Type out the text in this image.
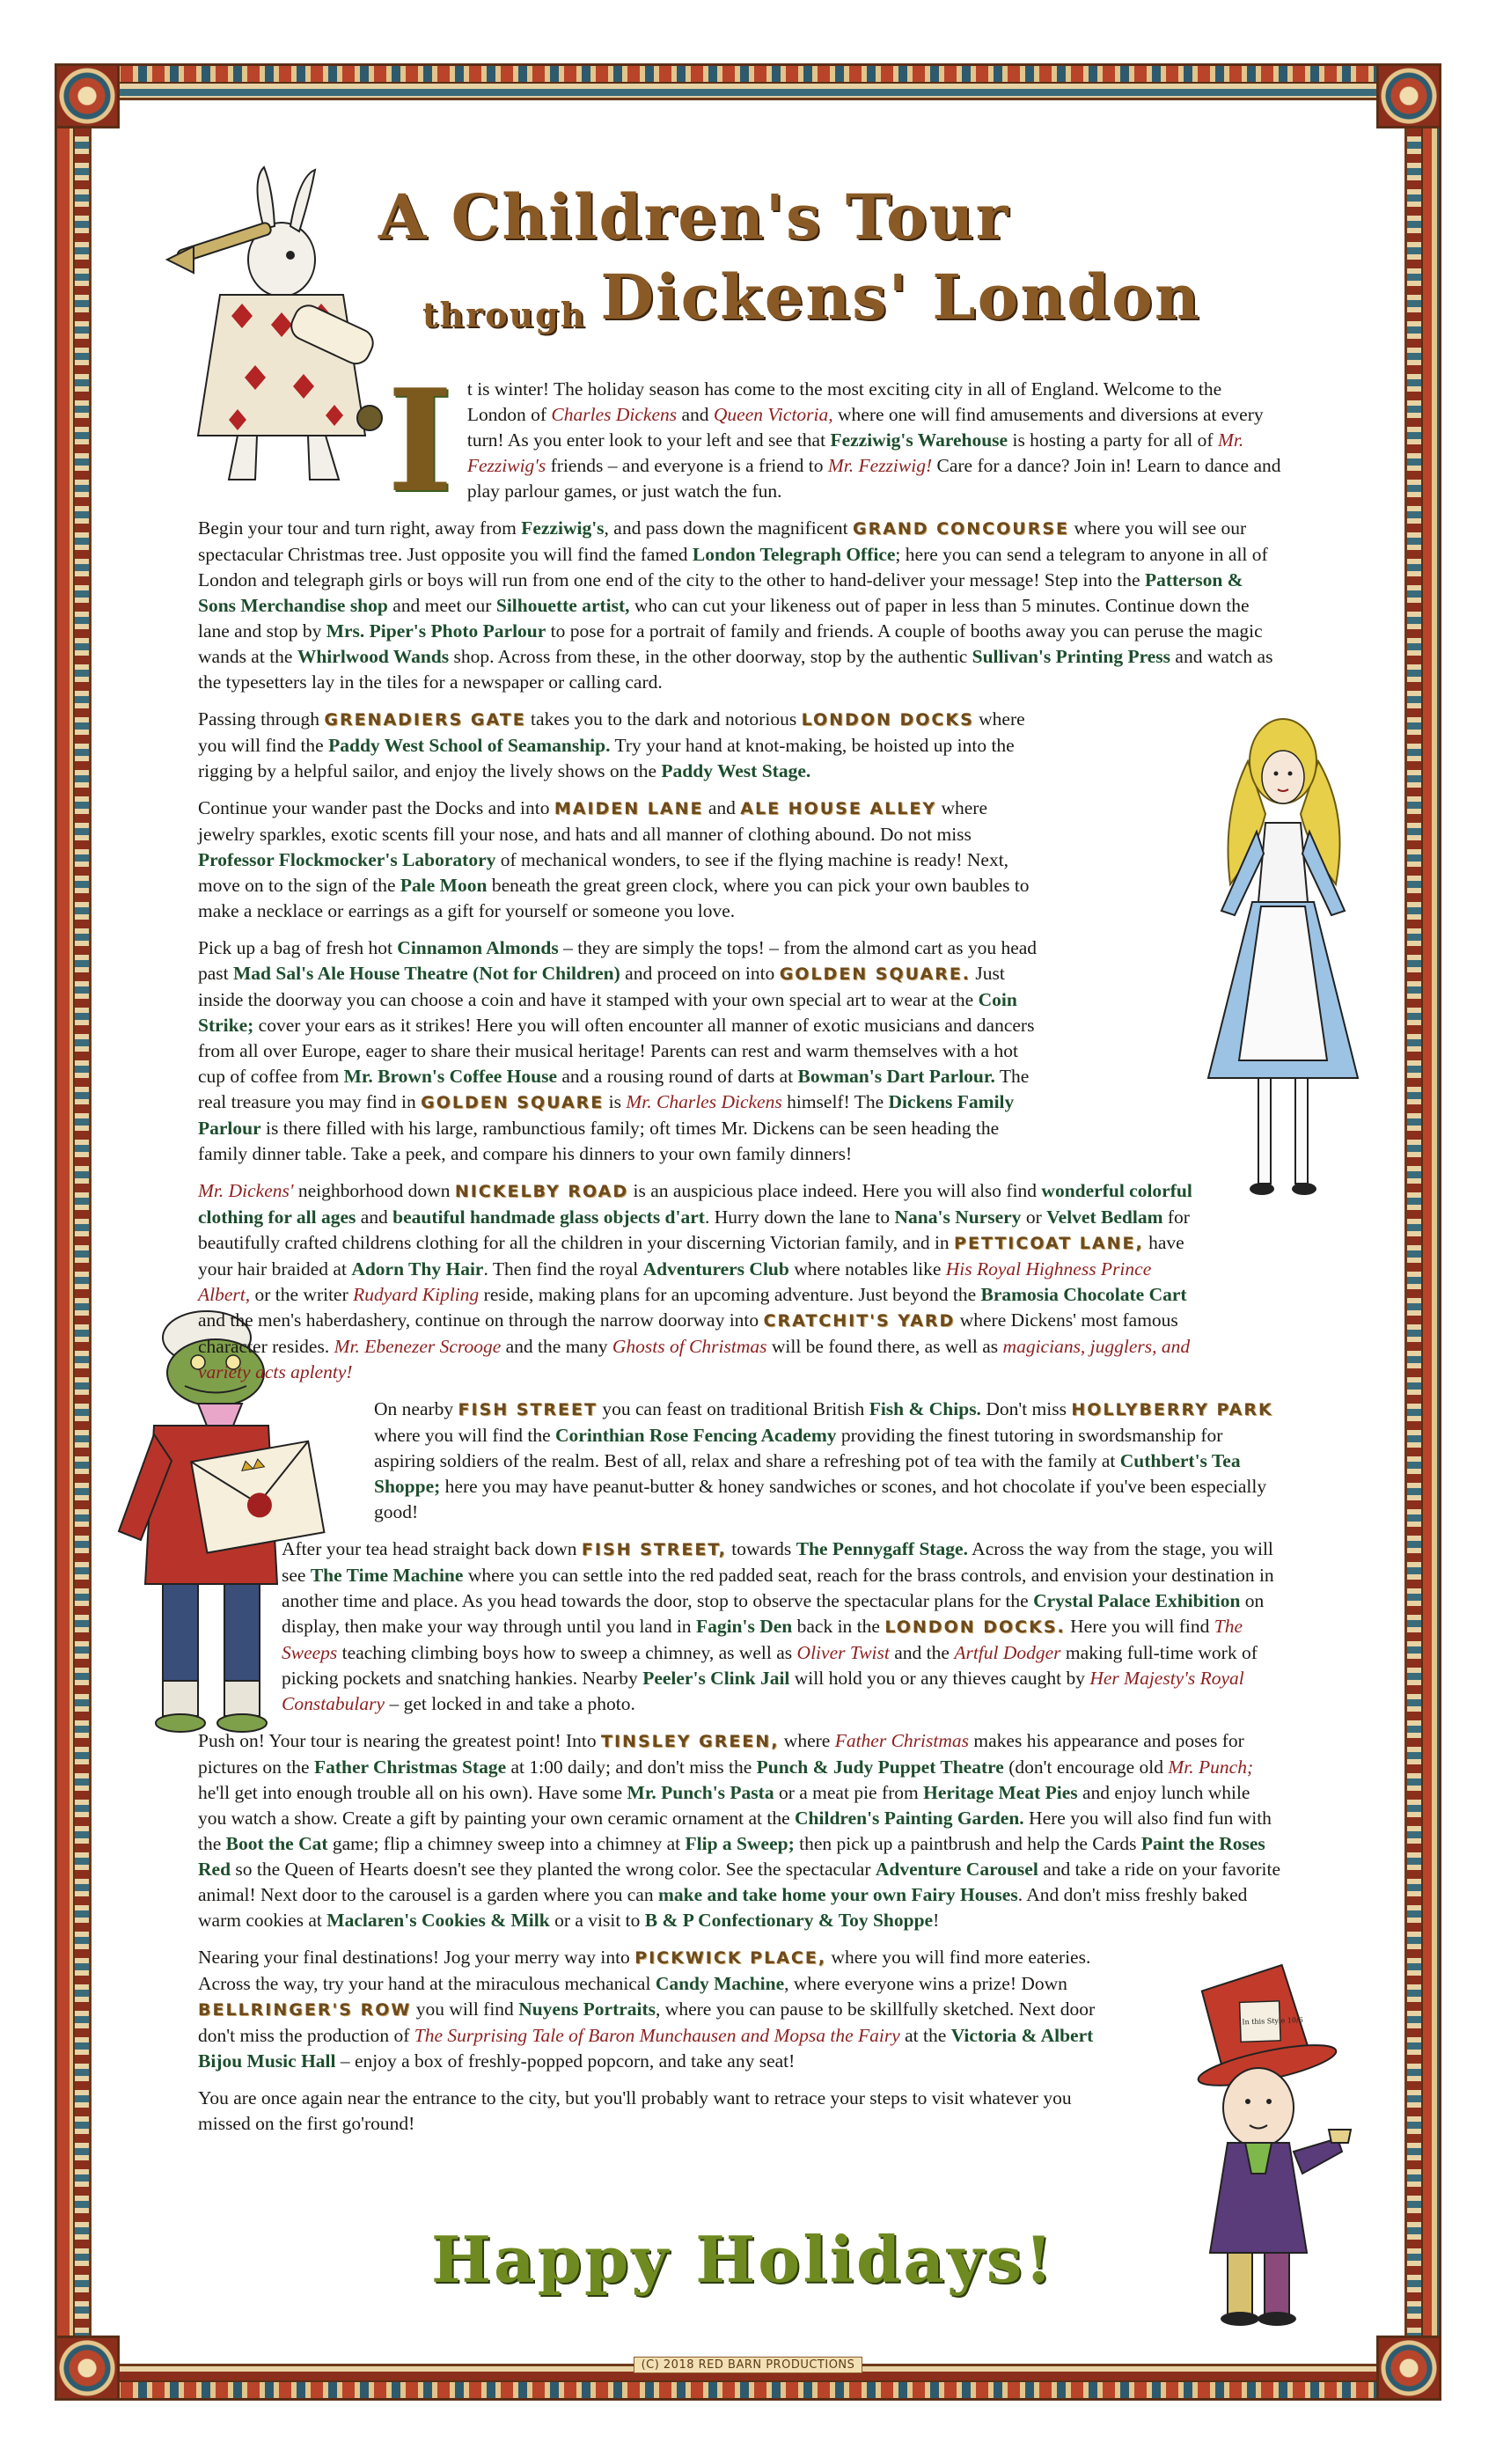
A Children's Tour
through Dickens' London
In this Style 10/6

It is winter! The holiday season has come to the most exciting city in all of England. Welcome to the London of Charles Dickens and Queen Victoria, where one will find amusements and diversions at every turn! As you enter look to your left and see that Fezziwig's Warehouse is hosting a party for all of Mr. Fezziwig's friends – and everyone is a friend to Mr. Fezziwig! Care for a dance? Join in! Learn to dance and play parlour games, or just watch the fun.

Begin your tour and turn right, away from Fezziwig's, and pass down the magnificent GRAND CONCOURSE where you will see our spectacular Christmas tree. Just opposite you will find the famed London Telegraph Office; here you can send a telegram to anyone in all of London and telegraph girls or boys will run from one end of the city to the other to hand-deliver your message! Step into the Patterson & Sons Merchandise shop and meet our Silhouette artist, who can cut your likeness out of paper in less than 5 minutes. Continue down the lane and stop by Mrs. Piper's Photo Parlour to pose for a portrait of family and friends. A couple of booths away you can peruse the magic wands at the Whirlwood Wands shop. Across from these, in the other doorway, stop by the authentic Sullivan's Printing Press and watch as the typesetters lay in the tiles for a newspaper or calling card.

Passing through GRENADIERS GATE takes you to the dark and notorious LONDON DOCKS where you will find the Paddy West School of Seamanship. Try your hand at knot-making, be hoisted up into the rigging by a helpful sailor, and enjoy the lively shows on the Paddy West Stage.

Continue your wander past the Docks and into MAIDEN LANE and ALE HOUSE ALLEY where jewelry sparkles, exotic scents fill your nose, and hats and all manner of clothing abound. Do not miss Professor Flockmocker's Laboratory of mechanical wonders, to see if the flying machine is ready! Next, move on to the sign of the Pale Moon beneath the great green clock, where you can pick your own baubles to make a necklace or earrings as a gift for yourself or someone you love.

Pick up a bag of fresh hot Cinnamon Almonds – they are simply the tops! – from the almond cart as you head past Mad Sal's Ale House Theatre (Not for Children) and proceed on into GOLDEN SQUARE. Just inside the doorway you can choose a coin and have it stamped with your own special art to wear at the Coin Strike; cover your ears as it strikes! Here you will often encounter all manner of exotic musicians and dancers from all over Europe, eager to share their musical heritage! Parents can rest and warm themselves with a hot cup of coffee from Mr. Brown's Coffee House and a rousing round of darts at Bowman's Dart Parlour. The real treasure you may find in GOLDEN SQUARE is Mr. Charles Dickens himself! The Dickens Family Parlour is there filled with his large, rambunctious family; oft times Mr. Dickens can be seen heading the family dinner table. Take a peek, and compare his dinners to your own family dinners!

Mr. Dickens' neighborhood down NICKELBY ROAD is an auspicious place indeed. Here you will also find wonderful colorful clothing for all ages and beautiful handmade glass objects d'art. Hurry down the lane to Nana's Nursery or Velvet Bedlam for beautifully crafted childrens clothing for all the children in your discerning Victorian family, and in PETTICOAT LANE, have your hair braided at Adorn Thy Hair. Then find the royal Adventurers Club where notables like His Royal Highness Prince Albert, or the writer Rudyard Kipling reside, making plans for an upcoming adventure. Just beyond the Bramosia Chocolate Cart and the men's haberdashery, continue on through the narrow doorway into CRATCHIT'S YARD where Dickens' most famous character resides. Mr. Ebenezer Scrooge and the many Ghosts of Christmas will be found there, as well as magicians, jugglers, and variety acts aplenty!

On nearby FISH STREET you can feast on traditional British Fish & Chips. Don't miss HOLLYBERRY PARK where you will find the Corinthian Rose Fencing Academy providing the finest tutoring in swordsmanship for aspiring soldiers of the realm. Best of all, relax and share a refreshing pot of tea with the family at Cuthbert's Tea Shoppe; here you may have peanut-butter & honey sandwiches or scones, and hot chocolate if you've been especially good!

After your tea head straight back down FISH STREET, towards The Pennygaff Stage. Across the way from the stage, you will see The Time Machine where you can settle into the red padded seat, reach for the brass controls, and envision your destination in another time and place. As you head towards the door, stop to observe the spectacular plans for the Crystal Palace Exhibition on display, then make your way through until you land in Fagin's Den back in the LONDON DOCKS. Here you will find The Sweeps teaching climbing boys how to sweep a chimney, as well as Oliver Twist and the Artful Dodger making full-time work of picking pockets and snatching hankies. Nearby Peeler's Clink Jail will hold you or any thieves caught by Her Majesty's Royal Constabulary – get locked in and take a photo.

Push on! Your tour is nearing the greatest point! Into TINSLEY GREEN, where Father Christmas makes his appearance and poses for pictures on the Father Christmas Stage at 1:00 daily; and don't miss the Punch & Judy Puppet Theatre (don't encourage old Mr. Punch; he'll get into enough trouble all on his own). Have some Mr. Punch's Pasta or a meat pie from Heritage Meat Pies and enjoy lunch while you watch a show. Create a gift by painting your own ceramic ornament at the Children's Painting Garden. Here you will also find fun with the Boot the Cat game; flip a chimney sweep into a chimney at Flip a Sweep; then pick up a paintbrush and help the Cards Paint the Roses Red so the Queen of Hearts doesn't see they planted the wrong color. See the spectacular Adventure Carousel and take a ride on your favorite animal! Next door to the carousel is a garden where you can make and take home your own Fairy Houses. And don't miss freshly baked warm cookies at Maclaren's Cookies & Milk or a visit to B & P Confectionary & Toy Shoppe!

Nearing your final destinations! Jog your merry way into PICKWICK PLACE, where you will find more eateries. Across the way, try your hand at the miraculous mechanical Candy Machine, where everyone wins a prize! Down BELLRINGER'S ROW you will find Nuyens Portraits, where you can pause to be skillfully sketched. Next door don't miss the production of The Surprising Tale of Baron Munchausen and Mopsa the Fairy at the Victoria & Albert Bijou Music Hall – enjoy a box of freshly-popped popcorn, and take any seat!

You are once again near the entrance to the city, but you'll probably want to retrace your steps to visit whatever you missed on the first go'round!

Happy Holidays!
(C) 2018 RED BARN PRODUCTIONS
